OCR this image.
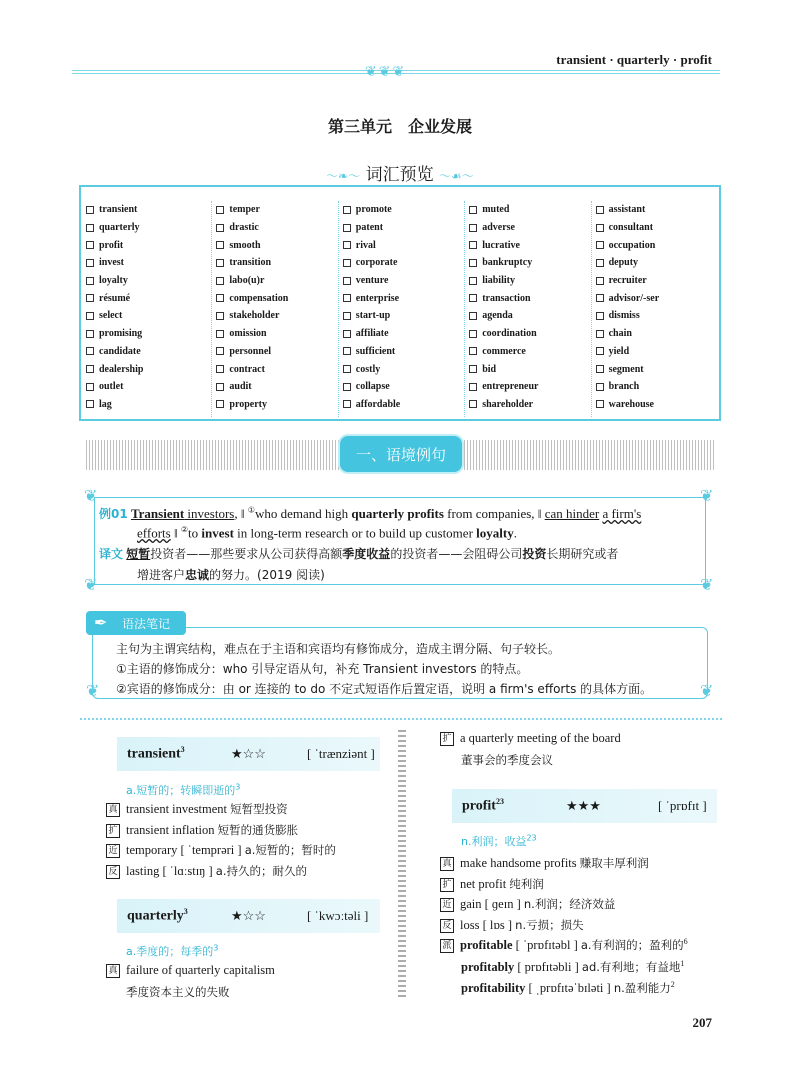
transient · quarterly · profit
❦❦❦
第三单元　企业发展
～❧～ 词汇预览 ～☙～
transient
quarterly
profit
invest
loyalty
résumé
select
promising
candidate
dealership
outlet
lag
temper
drastic
smooth
transition
labo(u)r
compensation
stakeholder
omission
personnel
contract
audit
property
promote
patent
rival
corporate
venture
enterprise
start-up
affiliate
sufficient
costly
collapse
affordable
muted
adverse
lucrative
bankruptcy
liability
transaction
agenda
coordination
commerce
bid
entrepreneur
shareholder
assistant
consultant
occupation
deputy
recruiter
advisor/-ser
dismiss
chain
yield
segment
branch
warehouse
一、语境例句
❦	❦
❦	❦
例01 Transient investors, ‖ ①who demand high quarterly profits from companies, ‖ can hinder a firm's
efforts ‖ ②to invest in long-term research or to build up customer loyalty.
译文 短暂投资者——那些要求从公司获得高额季度收益的投资者——会阻碍公司投资长期研究或者
增进客户忠诚的努力。(2019 阅读)
❦	❦
语法笔记
✒
主句为主谓宾结构，难点在于主语和宾语均有修饰成分，造成主谓分隔、句子较长。
①主语的修饰成分：who 引导定语从句，补充 Transient investors 的特点。
②宾语的修饰成分：由 or 连接的 to do 不定式短语作后置定语，说明 a firm's efforts 的具体方面。
transient$^3$	★☆☆	[ ˈtrænziənt ]
a.短暂的；转瞬即逝的$^3$
真 transient investment 短暂型投资
扩 transient inflation 短暂的通货膨胀
近 temporary [ ˈtemprəri ] a.短暂的；暂时的
反 lasting [ ˈlɑːstɪŋ ] a.持久的；耐久的
quarterly$^3$	★☆☆	[ ˈkwɔːtəli ]
a.季度的；每季的$^3$
真 failure of quarterly capitalism
季度资本主义的失败
扩 a quarterly meeting of the board
董事会的季度会议
profit$^{23}$	★★★	[ ˈprɒfɪt ]
n.利润；收益$^{23}$
真 make handsome profits 赚取丰厚利润
扩 net profit 纯利润
近 gain [ ɡeɪn ] n.利润；经济效益
反 loss [ lɒs ] n.亏损；损失
派 profitable [ ˈprɒfɪtəbl ] a.有利润的；盈利的$^6$
profitably [ prɒfɪtəbli ] ad.有利地；有益地$^1$
profitability [ ˌprɒfɪtəˈbɪləti ] n.盈利能力$^2$
207
